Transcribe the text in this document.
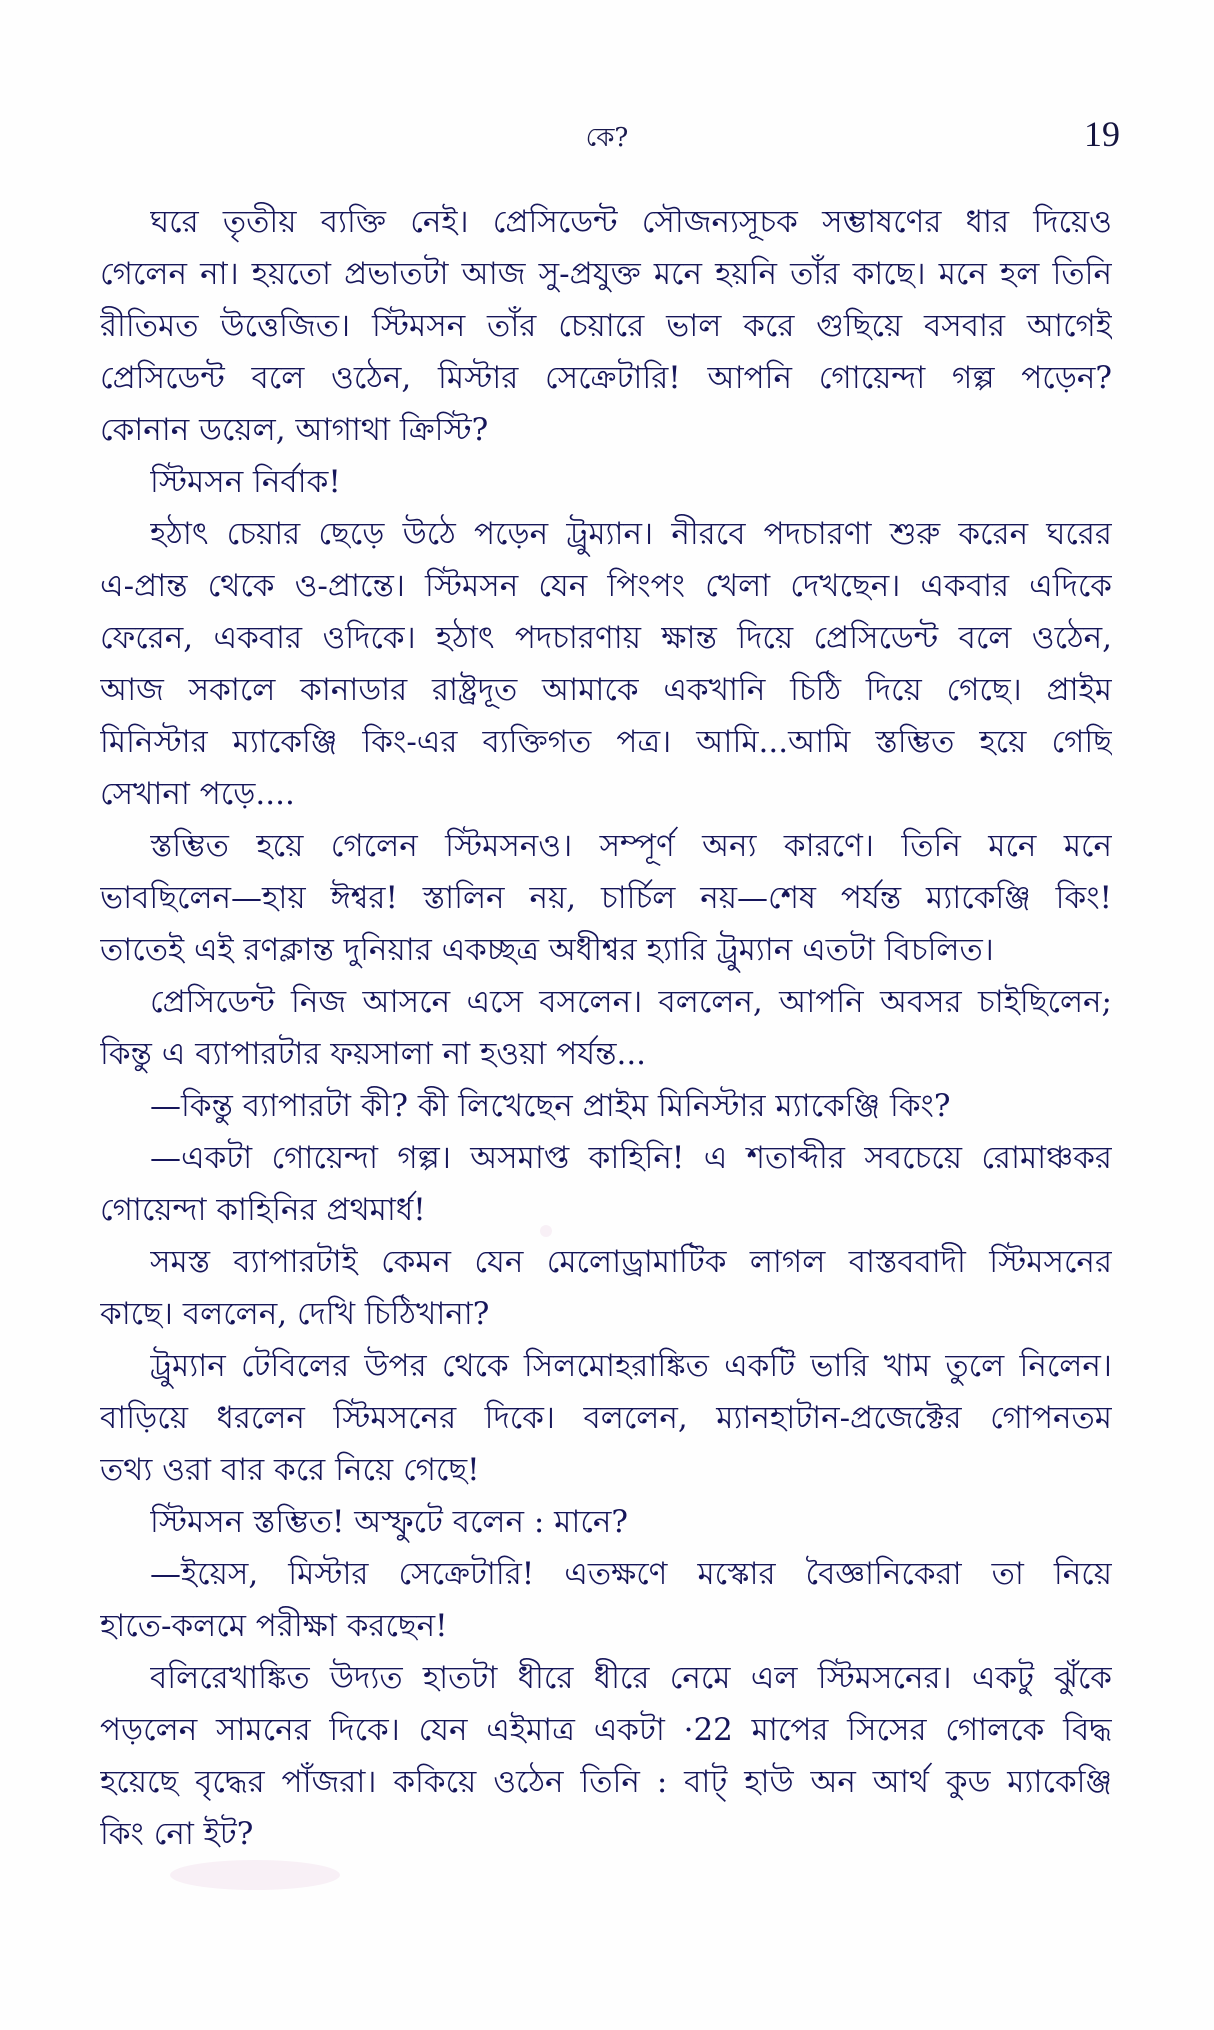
কে?	19
ঘরে তৃতীয় ব্যক্তি নেই। প্রেসিডেন্ট সৌজন্যসূচক সম্ভাষণের ধার দিয়েও
গেলেন না। হয়তো প্রভাতটা আজ সু-প্রযুক্ত মনে হয়নি তাঁর কাছে। মনে হল তিনি
রীতিমত উত্তেজিত। স্টিমসন তাঁর চেয়ারে ভাল করে গুছিয়ে বসবার আগেই
প্রেসিডেন্ট বলে ওঠেন, মিস্টার সেক্রেটারি! আপনি গোয়েন্দা গল্প পড়েন?
কোনান ডয়েল, আগাথা ক্রিস্টি?
স্টিমসন নির্বাক!
হঠাৎ চেয়ার ছেড়ে উঠে পড়েন ট্রুম্যান। নীরবে পদচারণা শুরু করেন ঘরের
এ-প্রান্ত থেকে ও-প্রান্তে। স্টিমসন যেন পিংপং খেলা দেখছেন। একবার এদিকে
ফেরেন, একবার ওদিকে। হঠাৎ পদচারণায় ক্ষান্ত দিয়ে প্রেসিডেন্ট বলে ওঠেন,
আজ সকালে কানাডার রাষ্ট্রদূত আমাকে একখানি চিঠি দিয়ে গেছে। প্রাইম
মিনিস্টার ম্যাকেঞ্জি কিং-এর ব্যক্তিগত পত্র। আমি...আমি স্তম্ভিত হয়ে গেছি
সেখানা পড়ে....
স্তম্ভিত হয়ে গেলেন স্টিমসনও। সম্পূর্ণ অন্য কারণে। তিনি মনে মনে
ভাবছিলেন—হায় ঈশ্বর! স্তালিন নয়, চার্চিল নয়—শেষ পর্যন্ত ম্যাকেঞ্জি কিং!
তাতেই এই রণক্লান্ত দুনিয়ার একচ্ছত্র অধীশ্বর হ্যারি ট্রুম্যান এতটা বিচলিত।
প্রেসিডেন্ট নিজ আসনে এসে বসলেন। বললেন, আপনি অবসর চাইছিলেন;
কিন্তু এ ব্যাপারটার ফয়সালা না হওয়া পর্যন্ত...
—কিন্তু ব্যাপারটা কী? কী লিখেছেন প্রাইম মিনিস্টার ম্যাকেঞ্জি কিং?
—একটা গোয়েন্দা গল্প। অসমাপ্ত কাহিনি! এ শতাব্দীর সবচেয়ে রোমাঞ্চকর
গোয়েন্দা কাহিনির প্রথমার্ধ!
সমস্ত ব্যাপারটাই কেমন যেন মেলোড্রামাটিক লাগল বাস্তববাদী স্টিমসনের
কাছে। বললেন, দেখি চিঠিখানা?
ট্রুম্যান টেবিলের উপর থেকে সিলমোহরাঙ্কিত একটি ভারি খাম তুলে নিলেন।
বাড়িয়ে ধরলেন স্টিমসনের দিকে। বললেন, ম্যানহাটান-প্রজেক্টের গোপনতম
তথ্য ওরা বার করে নিয়ে গেছে!
স্টিমসন স্তম্ভিত! অস্ফুটে বলেন : মানে?
—ইয়েস, মিস্টার সেক্রেটারি! এতক্ষণে মস্কোর বৈজ্ঞানিকেরা তা নিয়ে
হাতে-কলমে পরীক্ষা করছেন!
বলিরেখাঙ্কিত উদ্যত হাতটা ধীরে ধীরে নেমে এল স্টিমসনের। একটু ঝুঁকে
পড়লেন সামনের দিকে। যেন এইমাত্র একটা ·22 মাপের সিসের গোলকে বিদ্ধ
হয়েছে বৃদ্ধের পাঁজরা। ককিয়ে ওঠেন তিনি : বাট্ হাউ অন আর্থ কুড ম্যাকেঞ্জি
কিং নো ইট?
